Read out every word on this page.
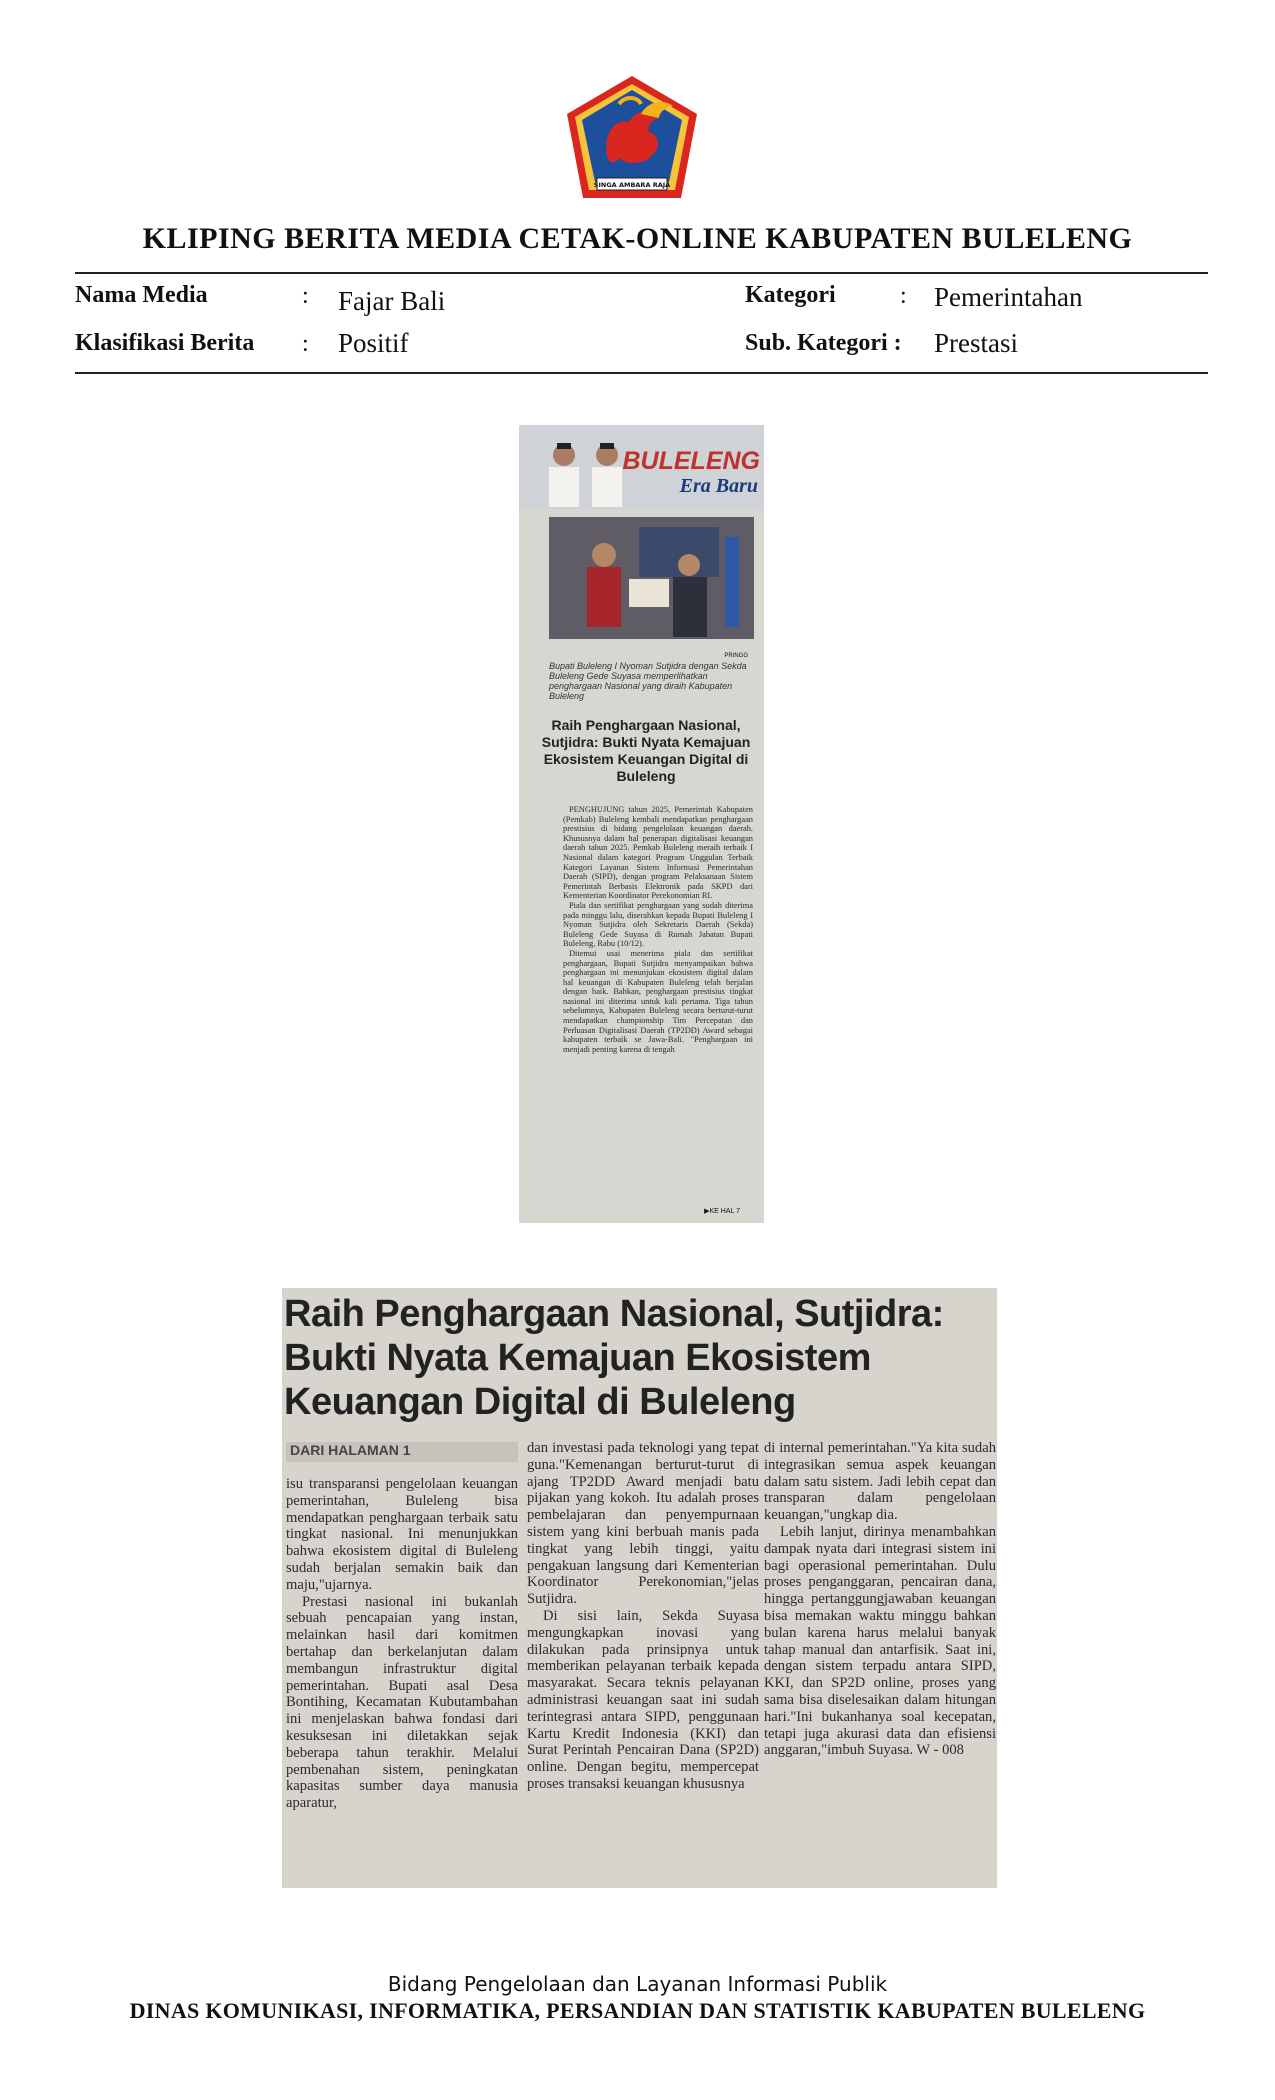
SINGA AMBARA RAJA
KLIPING BERITA MEDIA CETAK-ONLINE KABUPATEN BULELENG
Nama Media	: Fajar Bali
Klasifikasi Berita : Positif
Kategori	: Pemerintahan
Sub. Kategori : Prestasi
BULELENG
Era Baru
PRINGG
Bupati Buleleng I Nyoman Sutjidra dengan Sekda Buleleng Gede Suyasa memperlihatkan penghargaan Nasional yang diraih Kabupaten Buleleng
Raih Penghargaan Nasional, Sutjidra: Bukti Nyata Kemajuan Ekosistem Keuangan Digital di Buleleng

PENGHUJUNG tahun 2025, Pemerintah Kabupaten (Pemkab) Buleleng kembali mendapatkan penghargaan prestisius di bidang pengelolaan keuangan daerah. Khususnya dalam hal penerapan digitalisasi keuangan daerah tahun 2025. Pemkab Buleleng meraih terbaik I Nasional dalam kategori Program Unggulan Terbaik Kategori Layanan Sistem Informasi Pemerintahan Daerah (SIPD), dengan program Pelaksanaan Sistem Pemerintah Berbasis Elektronik pada SKPD dari Kementerian Koordinator Perekonomian RI.

Piala dan sertifikat penghargaan yang sudah diterima pada minggu lalu, diserahkan kepada Bupati Buleleng I Nyoman Sutjidra oleh Sekretaris Daerah (Sekda) Buleleng Gede Suyasa di Rumah Jabatan Bupati Buleleng, Rabu (10/12).

Ditemui usai menerima piala dan sertifikat penghargaan, Bupati Sutjidra menyampaikan bahwa penghargaan ini menunjukan ekosistem digital dalam hal keuangan di Kabupaten Buleleng telah berjalan dengan baik. Bahkan, penghargaan prestisius tingkat nasional ini diterima untuk kali pertama. Tiga tahun sebelumnya, Kabupaten Buleleng secara berturut-turut mendapatkan championship Tim Percepatan dan Perluasan Digitalisasi Daerah (TP2DD) Award sebagai kabupaten terbaik se Jawa-Bali. "Penghargaan ini menjadi penting karena di tengah

▶KE HAL 7
Raih Penghargaan Nasional, Sutjidra:
Bukti Nyata Kemajuan Ekosistem
Keuangan Digital di Buleleng
DARI HALAMAN 1

isu transparansi pengelolaan keuangan pemerintahan, Buleleng bisa mendapatkan penghargaan terbaik satu tingkat nasional. Ini menunjukkan bahwa ekosistem digital di Buleleng sudah berjalan semakin baik dan maju,"ujarnya.

Prestasi nasional ini bukanlah sebuah pencapaian yang instan, melainkan hasil dari komitmen bertahap dan berkelanjutan dalam membangun infrastruktur digital pemerintahan. Bupati asal Desa Bontihing, Kecamatan Kubutambahan ini menjelaskan bahwa fondasi dari kesuksesan ini diletakkan sejak beberapa tahun terakhir. Melalui pembenahan sistem, peningkatan kapasitas sumber daya manusia aparatur,

dan investasi pada teknologi yang tepat guna."Kemenangan berturut-turut di ajang TP2DD Award menjadi batu pijakan yang kokoh. Itu adalah proses pembelajaran dan penyempurnaan sistem yang kini berbuah manis pada tingkat yang lebih tinggi, yaitu pengakuan langsung dari Kementerian Koordinator Perekonomian,"jelas Sutjidra.

Di sisi lain, Sekda Suyasa mengungkapkan inovasi yang dilakukan pada prinsipnya untuk memberikan pelayanan terbaik kepada masyarakat. Secara teknis pelayanan administrasi keuangan saat ini sudah terintegrasi antara SIPD, penggunaan Kartu Kredit Indonesia (KKI) dan Surat Perintah Pencairan Dana (SP2D) online. Dengan begitu, mempercepat proses transaksi keuangan khususnya

di internal pemerintahan."Ya kita sudah integrasikan semua aspek keuangan dalam satu sistem. Jadi lebih cepat dan transparan dalam pengelolaan keuangan,"ungkap dia.

Lebih lanjut, dirinya menambahkan dampak nyata dari integrasi sistem ini bagi operasional pemerintahan. Dulu proses penganggaran, pencairan dana, hingga pertanggungjawaban keuangan bisa memakan waktu minggu bahkan bulan karena harus melalui banyak tahap manual dan antarfisik. Saat ini, dengan sistem terpadu antara SIPD, KKI, dan SP2D online, proses yang sama bisa diselesaikan dalam hitungan hari."Ini bukanhanya soal kecepatan, tetapi juga akurasi data dan efisiensi anggaran,"imbuh Suyasa. W - 008

Bidang Pengelolaan dan Layanan Informasi Publik
DINAS KOMUNIKASI, INFORMATIKA, PERSANDIAN DAN STATISTIK KABUPATEN BULELENG
